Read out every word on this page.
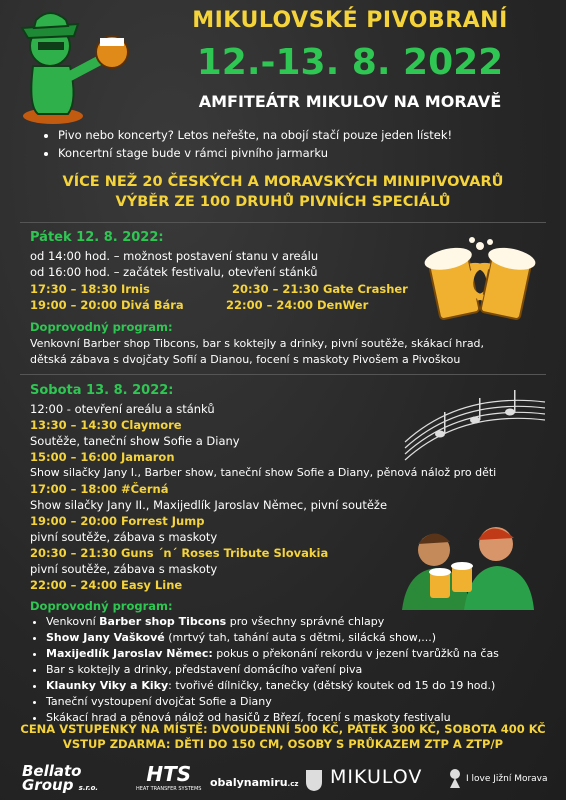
MIKULOVSKÉ PIVOBRANÍ
12.-13. 8. 2022
AMFITEÁTR MIKULOV NA MORAVĚ
• Pivo nebo koncerty? Letos neřešte, na obojí stačí pouze jeden lístek!
• Koncertní stage bude v rámci pivního jarmarku
VÍCE NEŽ 20 ČESKÝCH A MORAVSKÝCH MINIPIVOVARŮ
VÝBĚR ZE 100 DRUHŮ PIVNÍCH SPECIÁLŮ
Pátek 12. 8. 2022:
od 14:00 hod. – možnost postavení stanu v areálu
od 16:00 hod. – začátek festivalu, otevření stánků
17:30 – 18:30 Irnis	20:30 – 21:30 Gate Crasher
19:00 – 20:00 Divá Bára	22:00 – 24:00 DenWer
Doprovodný program:
Venkovní Barber shop Tibcons, bar s koktejly a drinky, pivní soutěže, skákací hrad,
dětská zábava s dvojčaty Sofií a Dianou, focení s maskoty Pivošem a Pivoškou
Sobota 13. 8. 2022:
12:00 - otevření areálu a stánků
13:30 – 14:30 Claymore
Soutěže, taneční show Sofie a Diany
15:00 – 16:00 Jamaron
Show silačky Jany I., Barber show, taneční show Sofie a Diany, pěnová nálož pro děti
17:00 – 18:00 #Černá
Show silačky Jany II., Maxijedlík Jaroslav Němec, pivní soutěže
19:00 – 20:00 Forrest Jump
pivní soutěže, zábava s maskoty
20:30 – 21:30 Guns ´n´ Roses Tribute Slovakia
pivní soutěže, zábava s maskoty
22:00 – 24:00 Easy Line
Doprovodný program:
• Venkovní Barber shop Tibcons pro všechny správné chlapy
• Show Jany Vaškové (mrtvý tah, tahání auta s dětmi, silácká show,...)
• Maxijedlík Jaroslav Němec: pokus o překonání rekordu v jezení tvarůžků na čas
• Bar s koktejly a drinky, představení domácího vaření piva
• Klaunky Viky a Kiky: tvořivé dílničky, tanečky (dětský koutek od 15 do 19 hod.)
• Taneční vystoupení dvojčat Sofie a Diany
• Skákací hrad a pěnová nálož od hasičů z Březí, focení s maskoty festivalu
CENA VSTUPENKY NA MÍSTĚ: DVOUDENNÍ 500 KČ, PÁTEK 300 KČ, SOBOTA 400 KČ
VSTUP ZDARMA: DĚTI DO 150 CM, OSOBY S PRŮKAZEM ZTP A ZTP/P
Bellato
Group s.r.o.
HTS
HEAT TRANSFER SYSTEMS obalynamiru.cz MIKULOV	I love Jižní Morava
